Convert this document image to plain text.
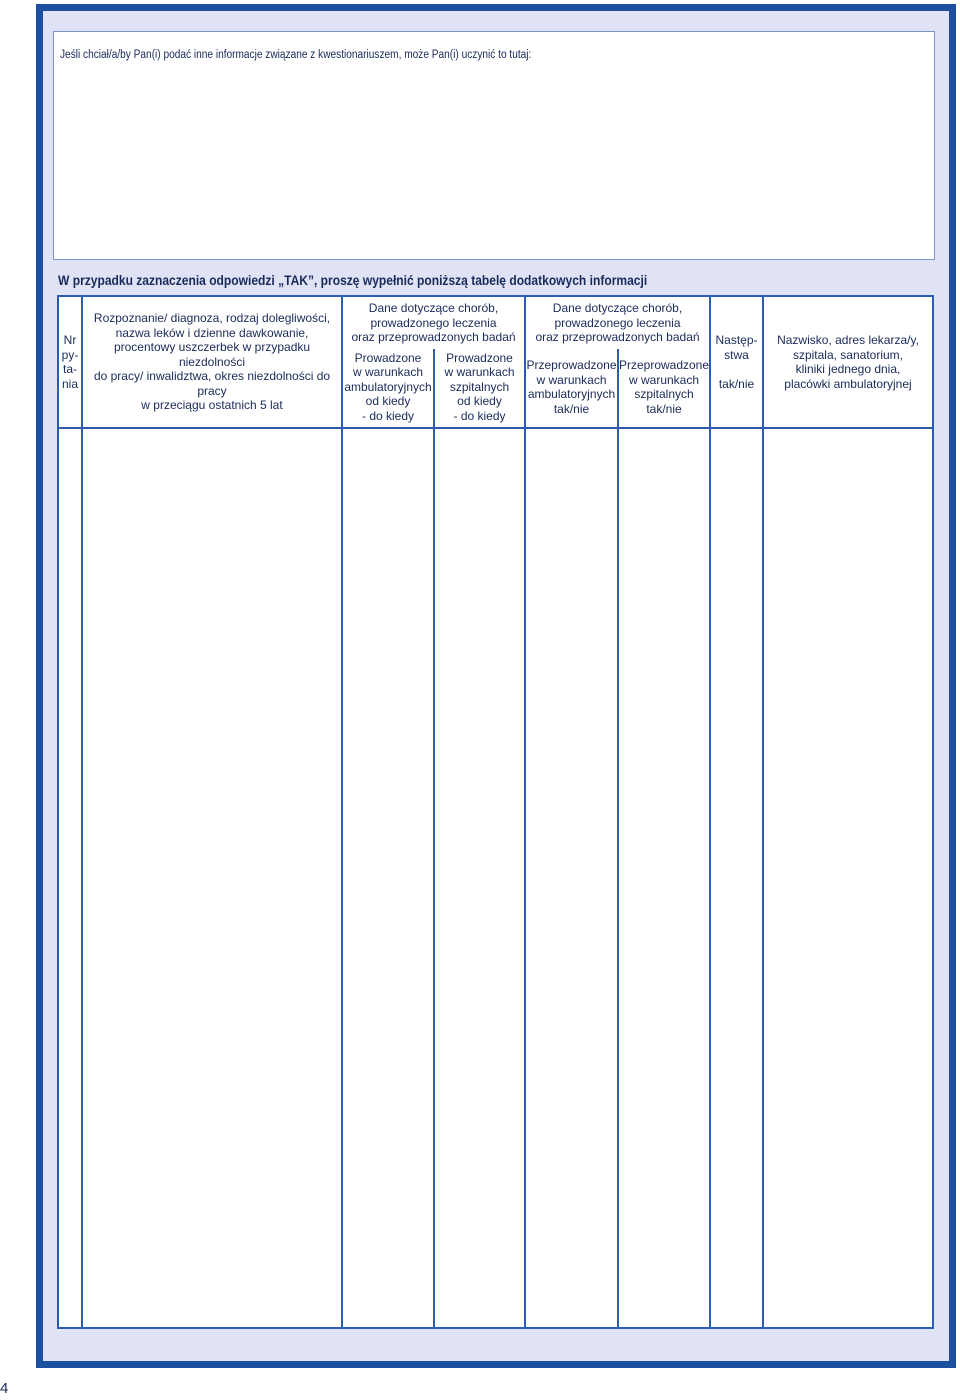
Jeśli chciał/a/by Pan(i) podać inne informacje związane z kwestionariuszem, może Pan(i) uczynić to tutaj:
W przypadku zaznaczenia odpowiedzi „TAK”, proszę wypełnić poniższą tabelę dodatkowych informacji
Nr
py-
ta-
nia
Rozpoznanie/ diagnoza, rodzaj dolegliwości,
nazwa leków i dzienne dawkowanie,
procentowy uszczerbek w przypadku niezdolności
do pracy/ inwalidztwa, okres niezdolności do pracy
w przeciągu ostatnich 5 lat
Dane dotyczące chorób,
prowadzonego leczenia
oraz przeprowadzonych badań
Prowadzone
w warunkach
ambulatoryjnych
od kiedy
- do kiedy
Prowadzone
w warunkach
szpitalnych
od kiedy
- do kiedy
Dane dotyczące chorób,
prowadzonego leczenia
oraz przeprowadzonych badań
Przeprowadzone
w warunkach
ambulatoryjnych
tak/nie
Przeprowadzone
w warunkach
szpitalnych
tak/nie
Następ-
stwa

tak/nie
Nazwisko, adres lekarza/y,
szpitala, sanatorium,
kliniki jednego dnia,
placówki ambulatoryjnej
4
